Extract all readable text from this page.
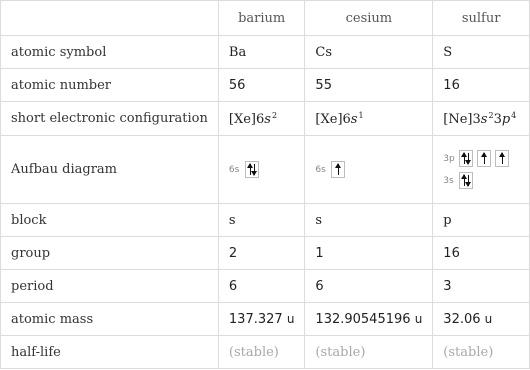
	barium	cesium	sulfur
atomic symbol	Ba	Cs	S
atomic number	56	55	16
short electronic configuration	$[Xe]6s^2$	$[Xe]6s^1$	$[Ne]3s^23p^4$
Aufbau diagram	6s	6s	3p
3s

block	s	s	p
group	2	1	16
period	6	6	3
atomic mass	137.327 u	132.90545196 u	32.06 u
half-life	(stable)	(stable)	(stable)
